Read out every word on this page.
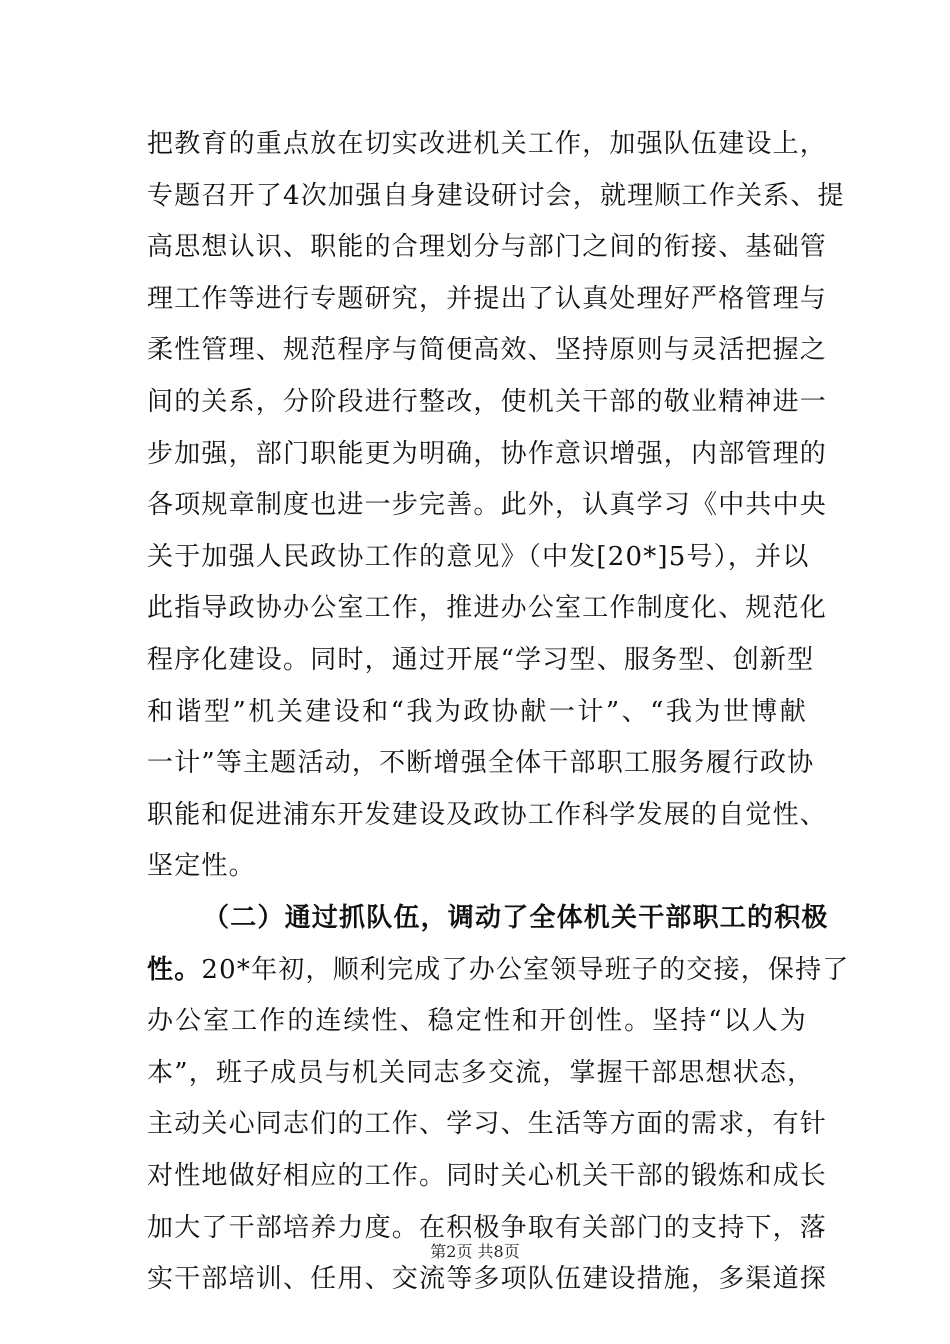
把教育的重点放在切实改进机关工作，加强队伍建设上，
专题召开了4次加强自身建设研讨会，就理顺工作关系、提
高思想认识、职能的合理划分与部门之间的衔接、基础管
理工作等进行专题研究，并提出了认真处理好严格管理与
柔性管理、规范程序与简便高效、坚持原则与灵活把握之
间的关系，分阶段进行整改，使机关干部的敬业精神进一
步加强，部门职能更为明确，协作意识增强，内部管理的
各项规章制度也进一步完善。此外，认真学习《中共中央
关于加强人民政协工作的意见》（中发[20*]5号），并以
此指导政协办公室工作，推进办公室工作制度化、规范化
程序化建设。同时，通过开展“学习型、服务型、创新型
和谐型”机关建设和“我为政协献一计”、“我为世博献
一计”等主题活动，不断增强全体干部职工服务履行政协
职能和促进浦东开发建设及政协工作科学发展的自觉性、
坚定性。
（二）通过抓队伍，调动了全体机关干部职工的积极
性。20*年初，顺利完成了办公室领导班子的交接，保持了
办公室工作的连续性、稳定性和开创性。坚持“以人为
本”，班子成员与机关同志多交流，掌握干部思想状态，
主动关心同志们的工作、学习、生活等方面的需求，有针
对性地做好相应的工作。同时关心机关干部的锻炼和成长
第2页 共8页
加大了干部培养力度。在积极争取有关部门的支持下，落
实干部培训、任用、交流等多项队伍建设措施，多渠道探
